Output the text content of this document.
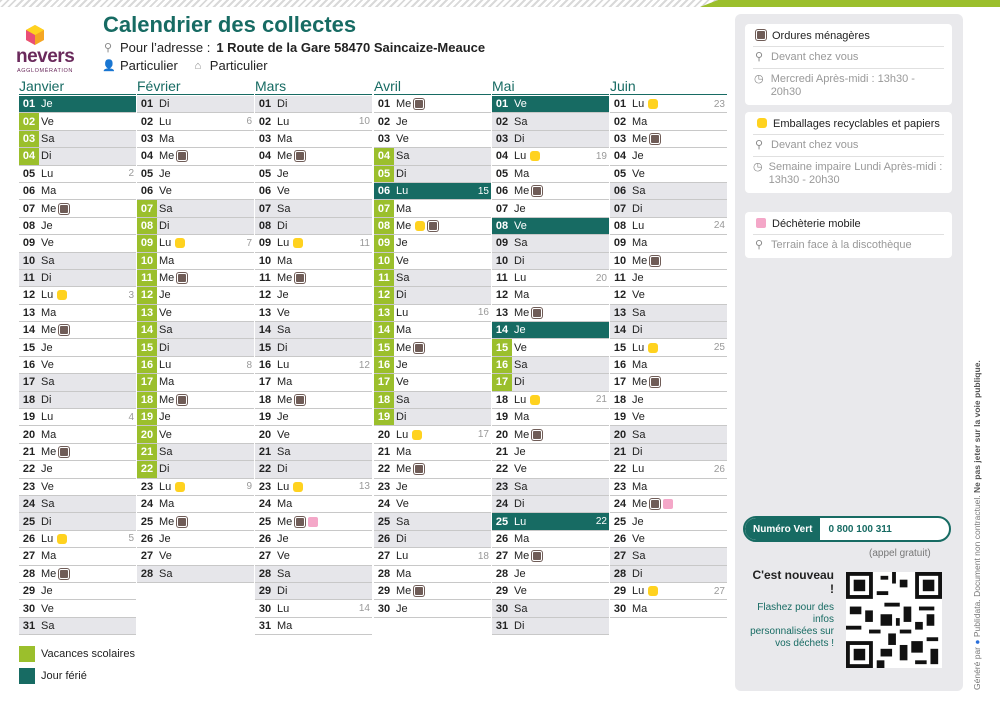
nevers
AGGLOMÉRATION
Calendrier des collectes
⚲ Pour l’adresse : 1 Route de la Gare 58470 Saincaize-Meauce
👤 Particulier ⌂ Particulier
Janvier
01 Je
02 Ve
03 Sa
04 Di
05 Lu	2
06 Ma
07 Me
08 Je
09 Ve
10 Sa
11 Di
12 Lu	3
13 Ma
14 Me
15 Je
16 Ve
17 Sa
18 Di
19 Lu	4
20 Ma
21 Me
22 Je
23 Ve
24 Sa
25 Di
26 Lu	5
27 Ma
28 Me
29 Je
30 Ve
31 Sa
Février
01 Di
02 Lu	6
03 Ma
04 Me
05 Je
06 Ve
07 Sa
08 Di
09 Lu	7
10 Ma
11 Me
12 Je
13 Ve
14 Sa
15 Di
16 Lu	8
17 Ma
18 Me
19 Je
20 Ve
21 Sa
22 Di
23 Lu	9
24 Ma
25 Me
26 Je
27 Ve
28 Sa
Mars
01 Di
02 Lu	10
03 Ma
04 Me
05 Je
06 Ve
07 Sa
08 Di
09 Lu	11
10 Ma
11 Me
12 Je
13 Ve
14 Sa
15 Di
16 Lu	12
17 Ma
18 Me
19 Je
20 Ve
21 Sa
22 Di
23 Lu	13
24 Ma
25 Me
26 Je
27 Ve
28 Sa
29 Di
30 Lu	14
31 Ma
Avril
01 Me
02 Je
03 Ve
04 Sa
05 Di
06 Lu	15
07 Ma
08 Me
09 Je
10 Ve
11 Sa
12 Di
13 Lu	16
14 Ma
15 Me
16 Je
17 Ve
18 Sa
19 Di
20 Lu	17
21 Ma
22 Me
23 Je
24 Ve
25 Sa
26 Di
27 Lu	18
28 Ma
29 Me
30 Je
Mai
01 Ve
02 Sa
03 Di
04 Lu	19
05 Ma
06 Me
07 Je
08 Ve
09 Sa
10 Di
11 Lu	20
12 Ma
13 Me
14 Je
15 Ve
16 Sa
17 Di
18 Lu	21
19 Ma
20 Me
21 Je
22 Ve
23 Sa
24 Di
25 Lu	22
26 Ma
27 Me
28 Je
29 Ve
30 Sa
31 Di
Juin
01 Lu	23
02 Ma
03 Me
04 Je
05 Ve
06 Sa
07 Di
08 Lu	24
09 Ma
10 Me
11 Je
12 Ve
13 Sa
14 Di
15 Lu	25
16 Ma
17 Me
18 Je
19 Ve
20 Sa
21 Di
22 Lu	26
23 Ma
24 Me
25 Je
26 Ve
27 Sa
28 Di
29 Lu	27
30 Ma
Vacances scolaires
Jour férié
Ordures ménagères
⚲ Devant chez vous
◷ Mercredi Après-midi : 13h30 - 20h30
Emballages recyclables et papiers
⚲ Devant chez vous
◷ Semaine impaire Lundi Après-midi : 13h30 - 20h30
Déchèterie mobile
⚲ Terrain face à la discothèque
Numéro Vert	0 800 100 311
(appel gratuit)
C'est nouveau !
Flashez pour des infos personnalisées sur vos déchets !
Généré par ● Publidata. Document non contractuel. Ne pas jeter sur la voie publique.
